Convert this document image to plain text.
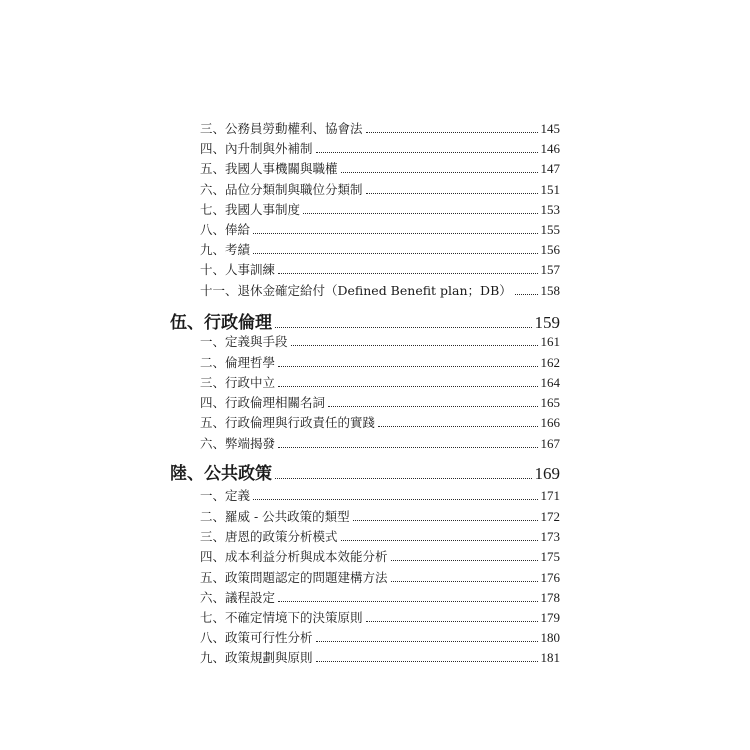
三、公務員勞動權利、協會法	145
四、內升制與外補制	146
五、我國人事機關與職權	147
六、品位分類制與職位分類制	151
七、我國人事制度	153
八、俸給	155
九、考績	156
十、人事訓練	157
十一、退休金確定給付（Defined Benefit plan；DB） 158
伍、行政倫理	159
一、定義與手段	161
二、倫理哲學	162
三、行政中立	164
四、行政倫理相關名詞	165
五、行政倫理與行政責任的實踐	166
六、弊端揭發	167
陸、公共政策	169
一、定義	171
二、羅威 - 公共政策的類型	172
三、唐恩的政策分析模式	173
四、成本利益分析與成本效能分析	175
五、政策問題認定的問題建構方法	176
六、議程設定	178
七、不確定情境下的決策原則	179
八、政策可行性分析	180
九、政策規劃與原則	181
